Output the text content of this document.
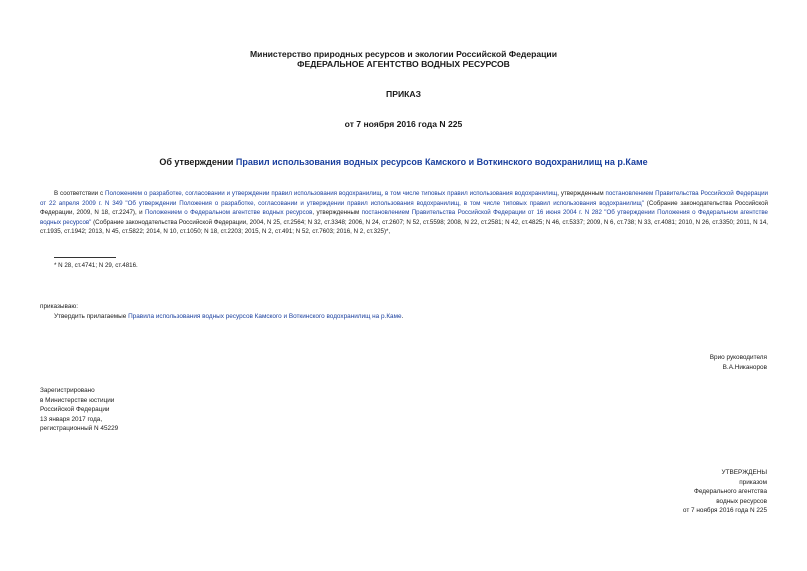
Министерство природных ресурсов и экологии Российской Федерации
ФЕДЕРАЛЬНОЕ АГЕНТСТВО ВОДНЫХ РЕСУРСОВ
ПРИКАЗ
от 7 ноября 2016 года N 225
Об утверждении Правил использования водных ресурсов Камского и Воткинского водохранилищ на р.Каме
В соответствии с Положением о разработке, согласовании и утверждении правил использования водохранилищ, в том числе типовых правил использования водохранилищ, утвержденным постановлением Правительства Российской Федерации от 22 апреля 2009 г. N 349 "Об утверждении Положения о разработке, согласовании и утверждении правил использования водохранилищ, в том числе типовых правил использования водохранилищ" (Собрание законодательства Российской Федерации, 2009, N 18, ст.2247), и Положением о Федеральном агентстве водных ресурсов, утвержденным постановлением Правительства Российской Федерации от 16 июня 2004 г. N 282 "Об утверждении Положения о Федеральном агентстве водных ресурсов" (Собрание законодательства Российской Федерации, 2004, N 25, ст.2564; N 32, ст.3348; 2006, N 24, ст.2607; N 52, ст.5598; 2008, N 22, ст.2581; N 42, ст.4825; N 46, ст.5337; 2009, N 6, ст.738; N 33, ст.4081; 2010, N 26, ст.3350; 2011, N 14, ст.1935, ст.1942; 2013, N 45, ст.5822; 2014, N 10, ст.1050; N 18, ст.2203; 2015, N 2, ст.491; N 52, ст.7603; 2016, N 2, ст.325)*,
* N 28, ст.4741; N 29, ст.4816.
приказываю:
Утвердить прилагаемые Правила использования водных ресурсов Камского и Воткинского водохранилищ на р.Каме.
Врио руководителя
В.А.Никаноров
Зарегистрировано
в Министерстве юстиции
Российской Федерации
13 января 2017 года,
регистрационный N 45229
УТВЕРЖДЕНЫ
приказом
Федерального агентства
водных ресурсов
от 7 ноября 2016 года N 225
